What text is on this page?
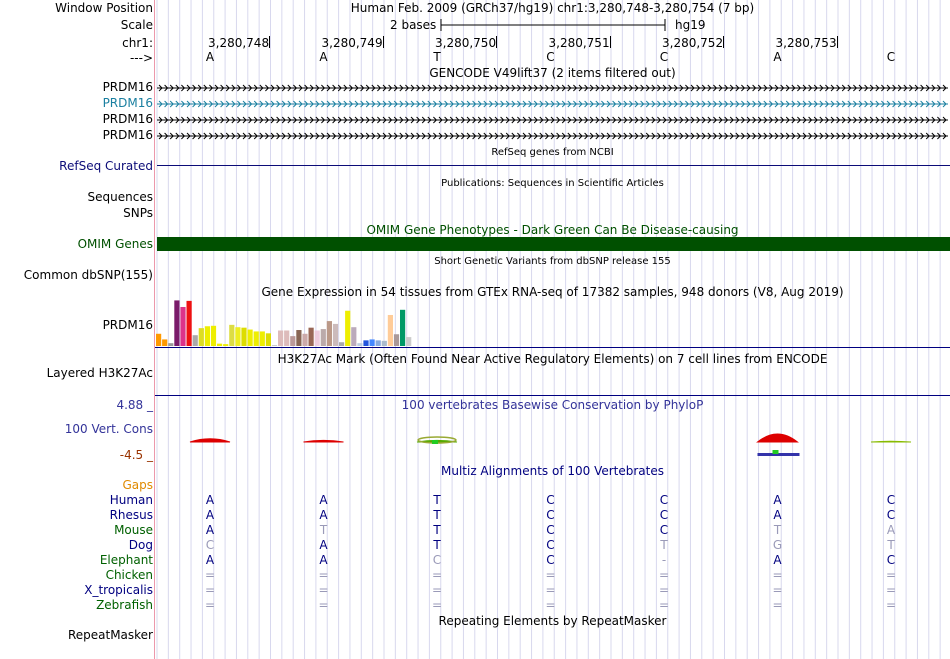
Window Position	Human Feb. 2009 (GRCh37/hg19) chr1:3,280,748-3,280,754 (7 bp)
Scale	2 bases	hg19
chr1:	3,280,748	3,280,749	3,280,750	3,280,751	3,280,752	3,280,753
--->	A	A	T	C	C	A	C
GENCODE V49lift37 (2 items filtered out)
PRDM16
PRDM16
PRDM16
PRDM16
RefSeq genes from NCBI
RefSeq Curated
Publications: Sequences in Scientific Articles
Sequences
SNPs
OMIM Gene Phenotypes - Dark Green Can Be Disease-causing
OMIM Genes
Short Genetic Variants from dbSNP release 155
Common dbSNP(155)
Gene Expression in 54 tissues from GTEx RNA-seq of 17382 samples, 948 donors (V8, Aug 2019)
PRDM16
H3K27Ac Mark (Often Found Near Active Regulatory Elements) on 7 cell lines from ENCODE
Layered H3K27Ac
100 vertebrates Basewise Conservation by PhyloP
4.88 _
100 Vert. Cons
-4.5 _
Multiz Alignments of 100 Vertebrates
Gaps
Human	A	A	T	C	C	A	C
Rhesus	A	A	T	C	C	A	C
Mouse	A	T	T	C	C	T	A
Dog	C	A	T	C	T	G	T
Elephant	A	A	C	C	-	A	C
Chicken	=	=	=	=	=	=	=
X_tropicalis	=	=	=	=	=	=	=
Zebrafish	=	=	=	=	=	=	=
Repeating Elements by RepeatMasker
RepeatMasker
